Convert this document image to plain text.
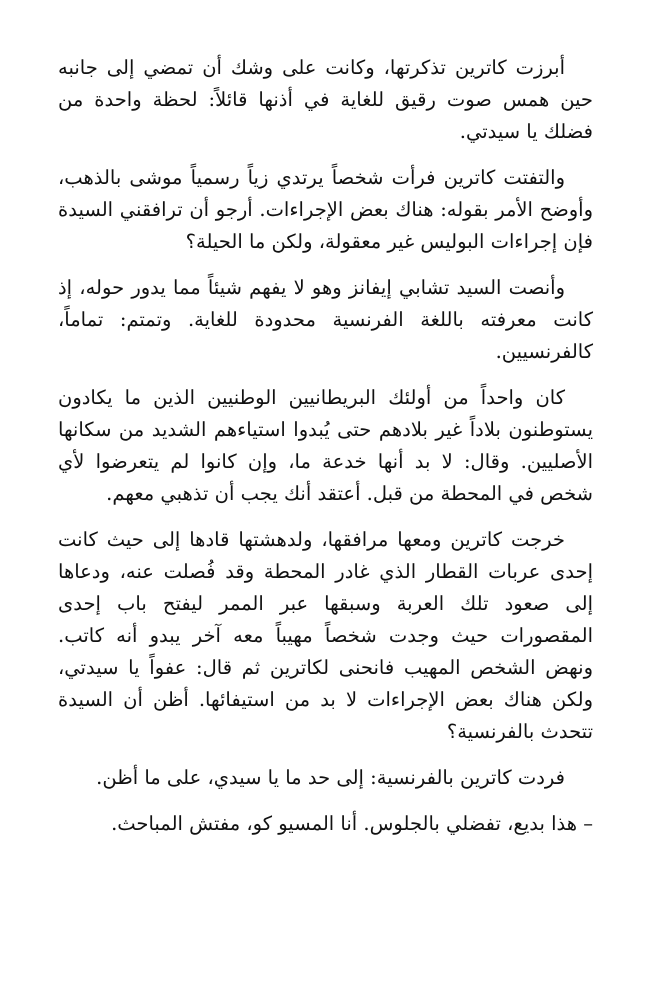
أبرزت كاترين تذكرتها، وكانت على وشك أن تمضي إلى جانبه حين همس صوت رقيق للغاية في أذنها قائلاً: لحظة واحدة من فضلك يا سيدتي.

والتفتت كاترين فرأت شخصاً يرتدي زياً رسمياً موشى بالذهب، وأوضح الأمر بقوله: هناك بعض الإجراءات. أرجو أن ترافقني السيدة فإن إجراءات البوليس غير معقولة، ولكن ما الحيلة؟

وأنصت السيد تشابي إيفانز وهو لا يفهم شيئاً مما يدور حوله، إذ كانت معرفته باللغة الفرنسية محدودة للغاية. وتمتم: تماماً، كالفرنسيين.

كان واحداً من أولئك البريطانيين الوطنيين الذين ما يكادون يستوطنون بلاداً غير بلادهم حتى يُبدوا استياءهم الشديد من سكانها الأصليين. وقال: لا بد أنها خدعة ما، وإن كانوا لم يتعرضوا لأي شخص في المحطة من قبل. أعتقد أنك يجب أن تذهبي معهم.

خرجت كاترين ومعها مرافقها، ولدهشتها قادها إلى حيث كانت إحدى عربات القطار الذي غادر المحطة وقد فُصلت عنه، ودعاها إلى صعود تلك العربة وسبقها عبر الممر ليفتح باب إحدى المقصورات حيث وجدت شخصاً مهيباً معه آخر يبدو أنه كاتب. ونهض الشخص المهيب فانحنى لكاترين ثم قال: عفواً يا سيدتي، ولكن هناك بعض الإجراءات لا بد من استيفائها. أظن أن السيدة تتحدث بالفرنسية؟

فردت كاترين بالفرنسية: إلى حد ما يا سيدي، على ما أظن.

– هذا بديع، تفضلي بالجلوس. أنا المسيو كو، مفتش المباحث.
